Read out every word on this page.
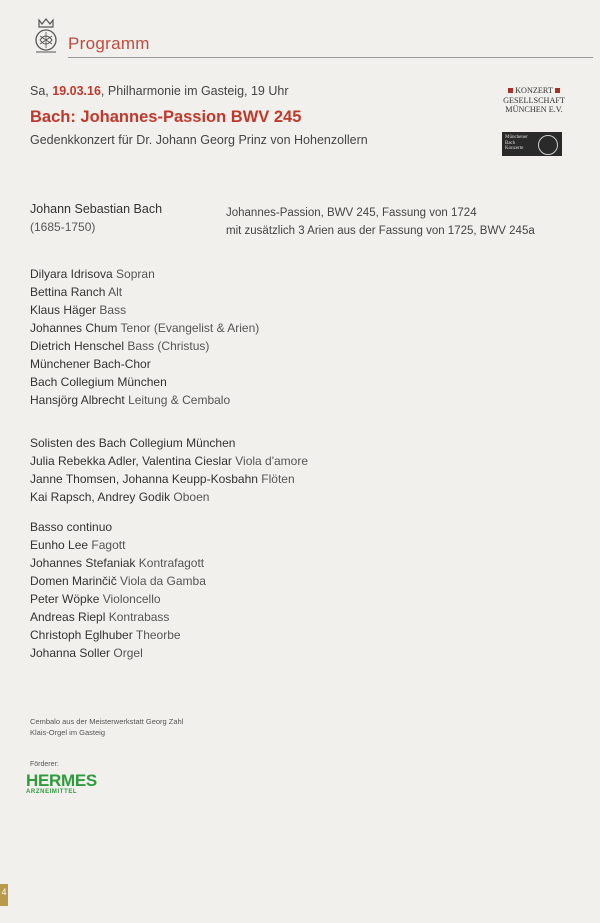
Programm
Sa, 19.03.16, Philharmonie im Gasteig, 19 Uhr
Bach: Johannes-Passion BWV 245
Gedenkkonzert für Dr. Johann Georg Prinz von Hohenzollern
KONZERT
GESELLSCHAFT
MÜNCHEN E.V.
Münchener
Bach
Konzerte
Johann Sebastian Bach
(1685-1750)
Johannes-Passion, BWV 245, Fassung von 1724
mit zusätzlich 3 Arien aus der Fassung von 1725, BWV 245a
Dilyara Idrisova Sopran
Bettina Ranch Alt
Klaus Häger Bass
Johannes Chum Tenor (Evangelist & Arien)
Dietrich Henschel Bass (Christus)
Münchener Bach-Chor
Bach Collegium München
Hansjörg Albrecht Leitung & Cembalo
Solisten des Bach Collegium München
Julia Rebekka Adler, Valentina Cieslar Viola d'amore
Janne Thomsen, Johanna Keupp-Kosbahn Flöten
Kai Rapsch, Andrey Godik Oboen
Basso continuo
Eunho Lee Fagott
Johannes Stefaniak Kontrafagott
Domen Marinčič Viola da Gamba
Peter Wöpke Violoncello
Andreas Riepl Kontrabass
Christoph Eglhuber Theorbe
Johanna Soller Orgel
Cembalo aus der Meisterwerkstatt Georg Zahl
Klais-Orgel im Gasteig
Förderer:
HERMES
ARZNEIMITTEL
4
